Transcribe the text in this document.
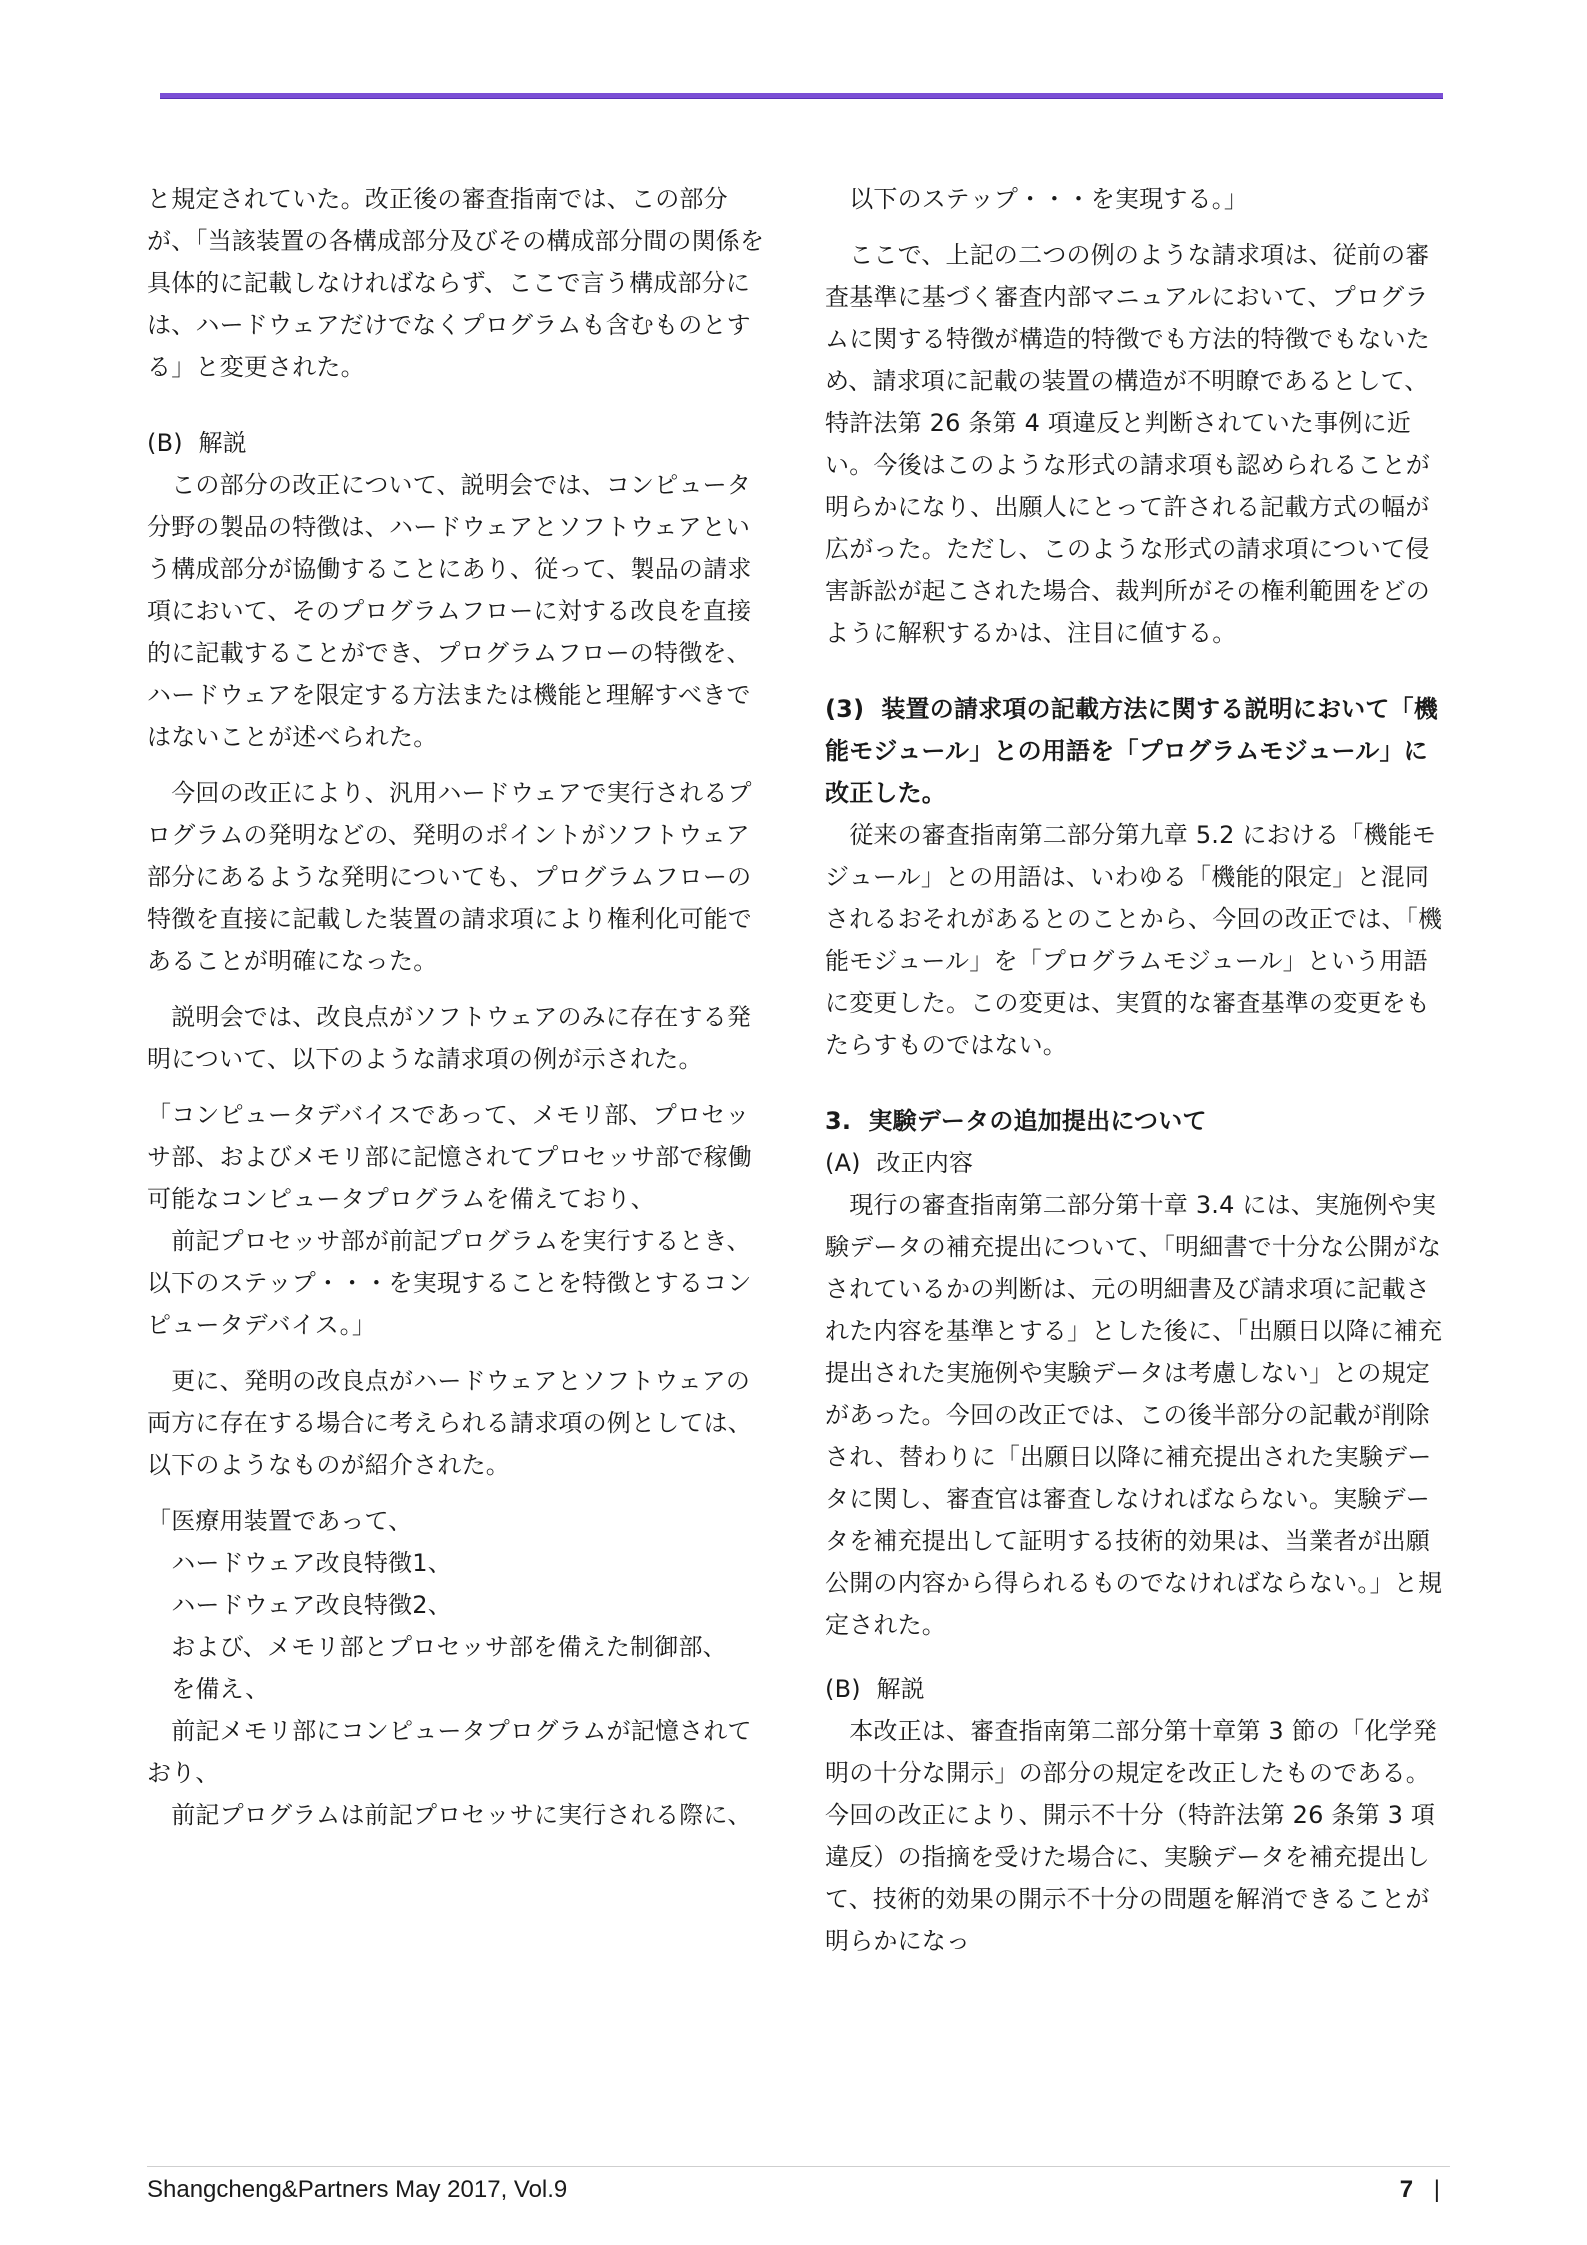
と規定されていた。改正後の審査指南では、この部分が、「当該装置の各構成部分及びその構成部分間の関係を具体的に記載しなければならず、ここで言う構成部分には、ハードウェアだけでなくプログラムも含むものとする」と変更された。

(B)  解説

　この部分の改正について、説明会では、コンピュータ分野の製品の特徴は、ハードウェアとソフトウェアという構成部分が協働することにあり、従って、製品の請求項において、そのプログラムフローに対する改良を直接的に記載することができ、プログラムフローの特徴を、ハードウェアを限定する方法または機能と理解すべきではないことが述べられた。

　今回の改正により、汎用ハードウェアで実行されるプログラムの発明などの、発明のポイントがソフトウェア部分にあるような発明についても、プログラムフローの特徴を直接に記載した装置の請求項により権利化可能であることが明確になった。

　説明会では、改良点がソフトウェアのみに存在する発明について、以下のような請求項の例が示された。

「コンピュータデバイスであって、メモリ部、プロセッサ部、およびメモリ部に記憶されてプロセッサ部で稼働可能なコンピュータプログラムを備えており、

　前記プロセッサ部が前記プログラムを実行するとき、以下のステップ・・・を実現することを特徴とするコンピュータデバイス。」

　更に、発明の改良点がハードウェアとソフトウェアの両方に存在する場合に考えられる請求項の例としては、以下のようなものが紹介された。

「医療用装置であって、

　ハードウェア改良特徴1、

　ハードウェア改良特徴2、

　および、メモリ部とプロセッサ部を備えた制御部、

　を備え、

　前記メモリ部にコンピュータプログラムが記憶されており、

　前記プログラムは前記プロセッサに実行される際に、

　以下のステップ・・・を実現する。」

　ここで、上記の二つの例のような請求項は、従前の審査基準に基づく審査内部マニュアルにおいて、プログラムに関する特徴が構造的特徴でも方法的特徴でもないため、請求項に記載の装置の構造が不明瞭であるとして、特許法第 26 条第 4 項違反と判断されていた事例に近い。今後はこのような形式の請求項も認められることが明らかになり、出願人にとって許される記載方式の幅が広がった。ただし、このような形式の請求項について侵害訴訟が起こされた場合、裁判所がその権利範囲をどのように解釈するかは、注目に値する。

(3)  装置の請求項の記載方法に関する説明において「機能モジュール」との用語を「プログラムモジュール」に改正した。

　従来の審査指南第二部分第九章 5.2 における「機能モジュール」との用語は、いわゆる「機能的限定」と混同されるおそれがあるとのことから、今回の改正では、「機能モジュール」を「プログラムモジュール」という用語に変更した。この変更は、実質的な審査基準の変更をもたらすものではない。

3.  実験データの追加提出について

(A)  改正内容

　現行の審査指南第二部分第十章 3.4 には、実施例や実験データの補充提出について、「明細書で十分な公開がなされているかの判断は、元の明細書及び請求項に記載された内容を基準とする」とした後に、「出願日以降に補充提出された実施例や実験データは考慮しない」との規定があった。今回の改正では、この後半部分の記載が削除され、替わりに「出願日以降に補充提出された実験データに関し、審査官は審査しなければならない。実験データを補充提出して証明する技術的効果は、当業者が出願公開の内容から得られるものでなければならない。」と規定された。

(B)  解説

　本改正は、審査指南第二部分第十章第 3 節の「化学発明の十分な開示」の部分の規定を改正したものである。今回の改正により、開示不十分（特許法第 26 条第 3 項違反）の指摘を受けた場合に、実験データを補充提出して、技術的効果の開示不十分の問題を解消できることが明らかになっ

Shangcheng&Partners May 2017, Vol.9	7 |
